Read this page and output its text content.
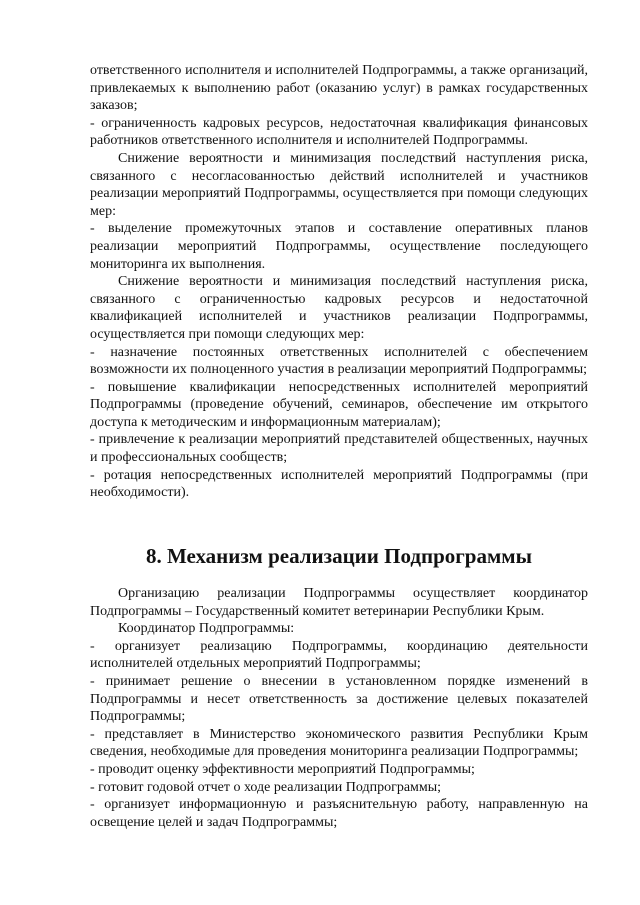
ответственного исполнителя и исполнителей Подпрограммы, а также организаций, привлекаемых к выполнению работ (оказанию услуг) в рамках государственных заказов;

- ограниченность кадровых ресурсов, недостаточная квалификация финансовых работников ответственного исполнителя и исполнителей Подпрограммы.

Снижение вероятности и минимизация последствий наступления риска, связанного с несогласованностью действий исполнителей и участников реализации мероприятий Подпрограммы, осуществляется при помощи следующих мер:

- выделение промежуточных этапов и составление оперативных планов реализации мероприятий Подпрограммы, осуществление последующего мониторинга их выполнения.

Снижение вероятности и минимизация последствий наступления риска, связанного с ограниченностью кадровых ресурсов и недостаточной квалификацией исполнителей и участников реализации Подпрограммы, осуществляется при помощи следующих мер:

- назначение постоянных ответственных исполнителей с обеспечением возможности их полноценного участия в реализации мероприятий Подпрограммы;

- повышение квалификации непосредственных исполнителей мероприятий Подпрограммы (проведение обучений, семинаров, обеспечение им открытого доступа к методическим и информационным материалам);

- привлечение к реализации мероприятий представителей общественных, научных и профессиональных сообществ;

- ротация непосредственных исполнителей мероприятий Подпрограммы (при необходимости).

8. Механизм реализации Подпрограммы

Организацию реализации Подпрограммы осуществляет координатор Подпрограммы – Государственный комитет ветеринарии Республики Крым.

Координатор Подпрограммы:

- организует реализацию Подпрограммы, координацию деятельности исполнителей отдельных мероприятий Подпрограммы;

- принимает решение о внесении в установленном порядке изменений в Подпрограммы и несет ответственность за достижение целевых показателей Подпрограммы;

- представляет в Министерство экономического развития Республики Крым сведения, необходимые для проведения мониторинга реализации Подпрограммы;

- проводит оценку эффективности мероприятий Подпрограммы;

- готовит годовой отчет о ходе реализации Подпрограммы;

- организует информационную и разъяснительную работу, направленную на освещение целей и задач Подпрограммы;
